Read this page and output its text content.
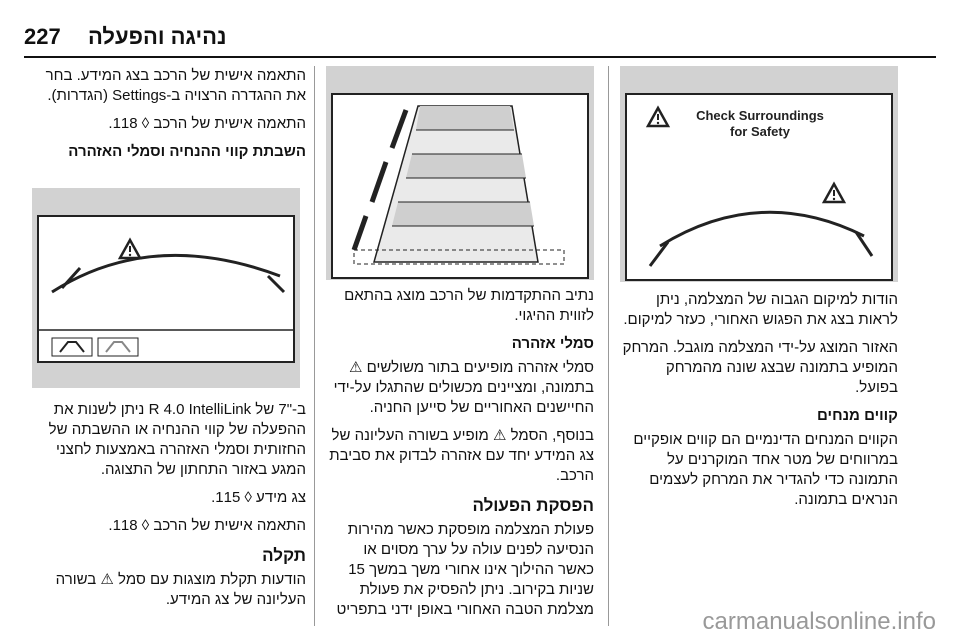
227 נהיגה והפעלה

התאמה אישית של הרכב בצג המידע. בחר את ההגדרה הרצויה ב-Settings (הגדרות).

התאמה אישית של הרכב ◊ 118.

השבתת קווי ההנחיה וסמלי האזהרה

ב-"7 של R 4.0 IntelliLink ניתן לשנות את ההפעלה של קווי ההנחיה או ההשבתה של החזותית וסמלי האזהרה באמצעות לחצני המגע באזור התחתון של התצוגה.

צג מידע ◊ 115.

התאמה אישית של הרכב ◊ 118.

תקלה

הודעות תקלת מוצגות עם סמל ⚠ בשורה העליונה של צג המידע.

נתיב ההתקדמות של הרכב מוצג בהתאם לזווית ההיגוי.

סמלי אזהרה

סמלי אזהרה מופיעים בתור משולשים ⚠ בתמונה, ומציינים מכשולים שהתגלו על-ידי החיישנים האחוריים של סייען החניה.

בנוסף, הסמל ⚠ מופיע בשורה העליונה של צג המידע יחד עם אזהרה לבדוק את סביבת הרכב.

הפסקת הפעולה

פעולת המצלמה מופסקת כאשר מהירות הנסיעה לפנים עולה על ערך מסוים או כאשר ההילוך אינו אחורי משך במשך 15 שניות בקירוב. ניתן להפסיק את פעולת מצלמת הטבה האחורי באופן ידני בתפריט

Check Surroundings
for Safety

הודות למיקום הגבוה של המצלמה, ניתן לראות בצג את הפגוש האחורי, כעזר למיקום.

האזור המוצג על-ידי המצלמה מוגבל. המרחק המופיע בתמונה שבצג שונה מהמרחק בפועל.

קווים מנחים

הקווים המנחים הדינמיים הם קווים אופקיים במרווחים של מטר אחד המוקרנים על התמונה כדי להגדיר את המרחק לעצמים הנראים בתמונה.

carmanualsonline.info
